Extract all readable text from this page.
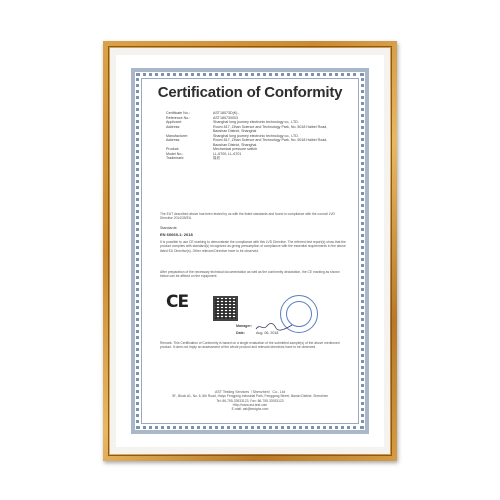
Certification of Conformity
Certificate No.:	AST18073D(K)...
Reference No.:	AST180730003
Applicant:	Shanghai long journey electronic technology co., LTD.
Address:	Room 817, Zihan Science and Technology Park, No. 5018 Haibei Road, Baoshan District, Shanghai
Manufacturer:	Shanghai long journey electronic technology co., LTD.
Address:	Room 817, Zihan Science and Technology Park, No. 5018 Haibei Road, Baoshan District, Shanghai
Product:	Mechanical pressure switch
Model No.:	LL-6700, LL-6701
Trademark:	隆旅
The EUT described above has been tested by us with the listed standards and found in compliance with the council LVD Directive 2014/35/EU.
Standards:
EN 60669-1: 2018
It is possible to use CE marking to demonstrate the compliance with this LVD Directive. The referred test report(s) show that the product complies with standard(s) recognized as giving presumption of compliance with the essential requirements in the above listed EU Directive(s). Other relevant Directive have to be observed.
After preparation of the necessary technical documentation as well as the conformity declaration, the CE marking as shown below can be affixed on the equipment.
CE
Manager:
Date:	Aug. 06, 2018
Remark: This Certification of Conformity is based on a single evaluation of the submitted sample(s) of the above mentioned product. It does not imply an assessment of the whole product and relevant directives have to be observed.
AST Testing Services（Shenzhen）Co., Ltd
3F., Block A1, No. 6, 6th Road, Haiyu Fengping Industrial Park, Fenggang Street, Baoan District, Shenzhen
Tel: 86-755-33933123, Fax: 86-755-33933123
Http://www.ast-test.com
E-mail: ast@testghz.com
